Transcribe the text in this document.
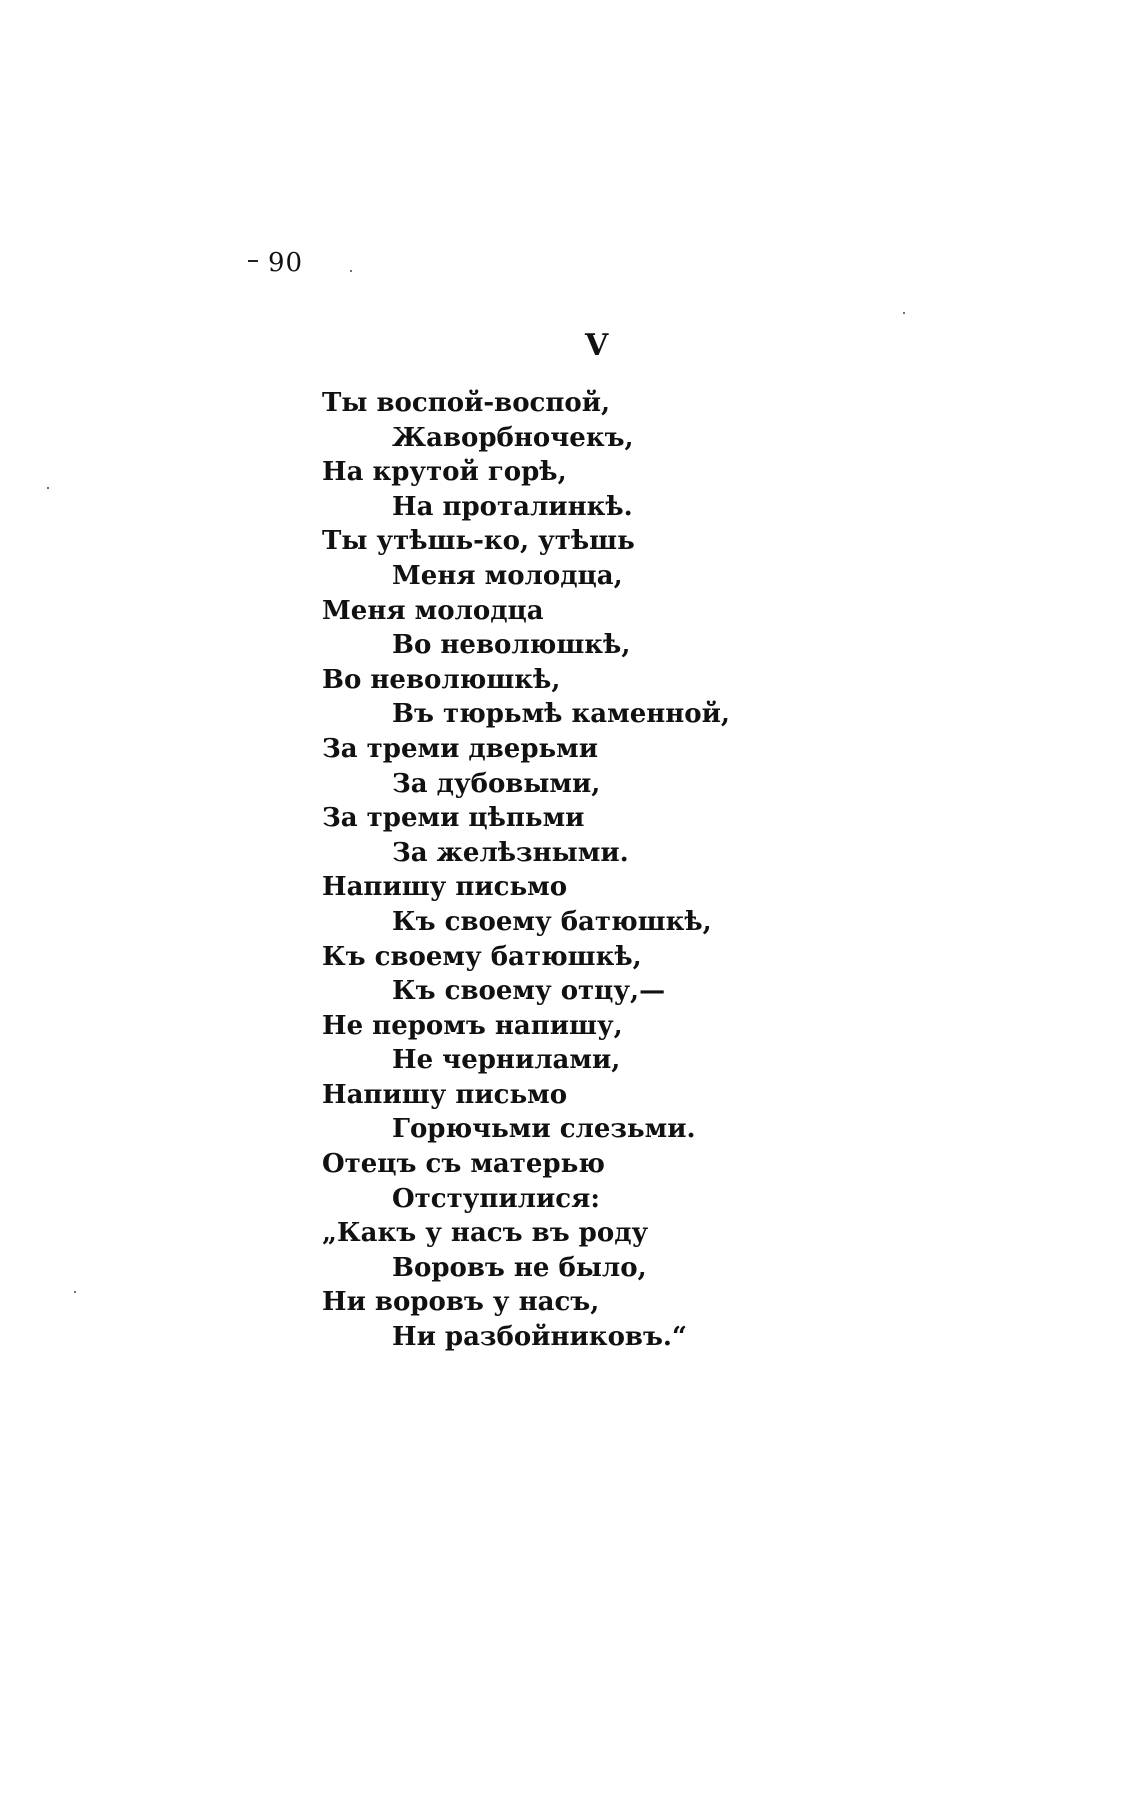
90
V
Ты воспой-воспой,
Жаворбночекъ,
На крутой горѣ,
На проталинкѣ.
Ты утѣшь-ко, утѣшь
Меня молодца,
Меня молодца
Во неволюшкѣ,
Во неволюшкѣ,
Въ тюрьмѣ каменной,
За треми дверьми
За дубовыми,
За треми цѣпьми
За желѣзными.
Напишу письмо
Къ своему батюшкѣ,
Къ своему батюшкѣ,
Къ своему отцу,—
Не перомъ напишу,
Не чернилами,
Напишу письмо
Горючьми слезьми.
Отецъ съ матерью
Отступилися:
„Какъ у насъ въ роду
Воровъ не было,
Ни воровъ у насъ,
Ни разбойниковъ.“
